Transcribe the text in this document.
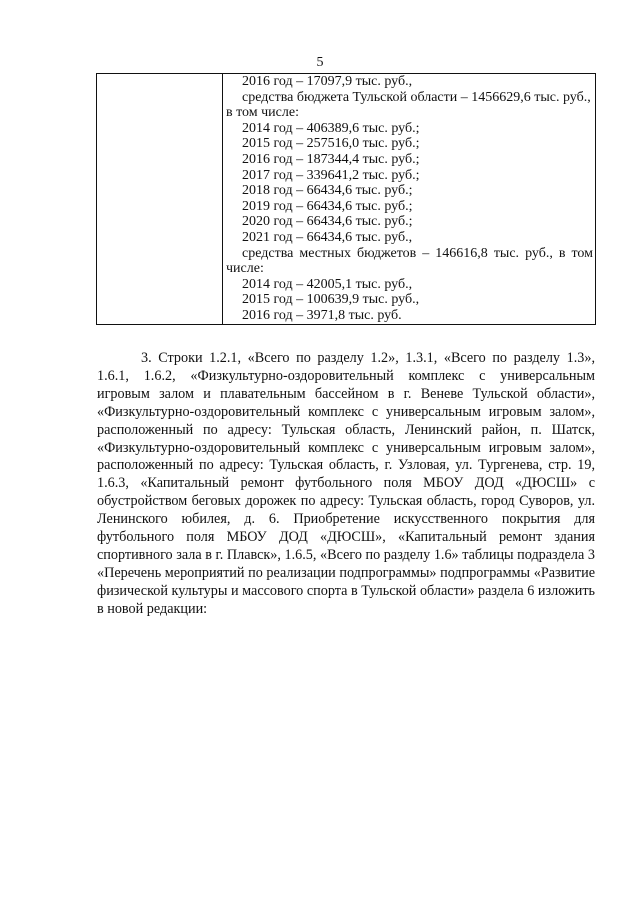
5

2016 год – 17097,9 тыс. руб.,
средства бюджета Тульской области – 1456629,6 тыс. руб.,
в том числе:
2014 год – 406389,6 тыс. руб.;
2015 год – 257516,0 тыс. руб.;
2016 год – 187344,4 тыс. руб.;
2017 год – 339641,2 тыс. руб.;
2018 год – 66434,6 тыс. руб.;
2019 год – 66434,6 тыс. руб.;
2020 год – 66434,6 тыс. руб.;
2021 год – 66434,6 тыс. руб.,
средства местных бюджетов – 146616,8 тыс. руб., в том
числе:
2014 год – 42005,1 тыс. руб.,
2015 год – 100639,9 тыс. руб.,
2016 год – 3971,8 тыс. руб.

3. Строки 1.2.1, «Всего по разделу 1.2», 1.3.1, «Всего по разделу 1.3», 1.6.1, 1.6.2, «Физкультурно-оздоровительный комплекс с универсальным игровым залом и плавательным бассейном в г. Веневе Тульской области», «Физкультурно-оздоровительный комплекс с универсальным игровым залом», расположенный по адресу: Тульская область, Ленинский район, п. Шатск, «Физкультурно-оздоровительный комплекс с универсальным игровым залом», расположенный по адресу: Тульская область, г. Узловая, ул. Тургенева, стр. 19, 1.6.3, «Капитальный ремонт футбольного поля МБОУ ДОД «ДЮСШ» с обустройством беговых дорожек по адресу: Тульская область, город Суворов, ул. Ленинского юбилея, д. 6. Приобретение искусственного покрытия для футбольного поля МБОУ ДОД «ДЮСШ», «Капитальный ремонт здания спортивного зала в г. Плавск», 1.6.5, «Всего по разделу 1.6» таблицы подраздела 3 «Перечень мероприятий по реализации подпрограммы» подпрограммы «Развитие физической культуры и массового спорта в Тульской области» раздела 6 изложить в новой редакции:
